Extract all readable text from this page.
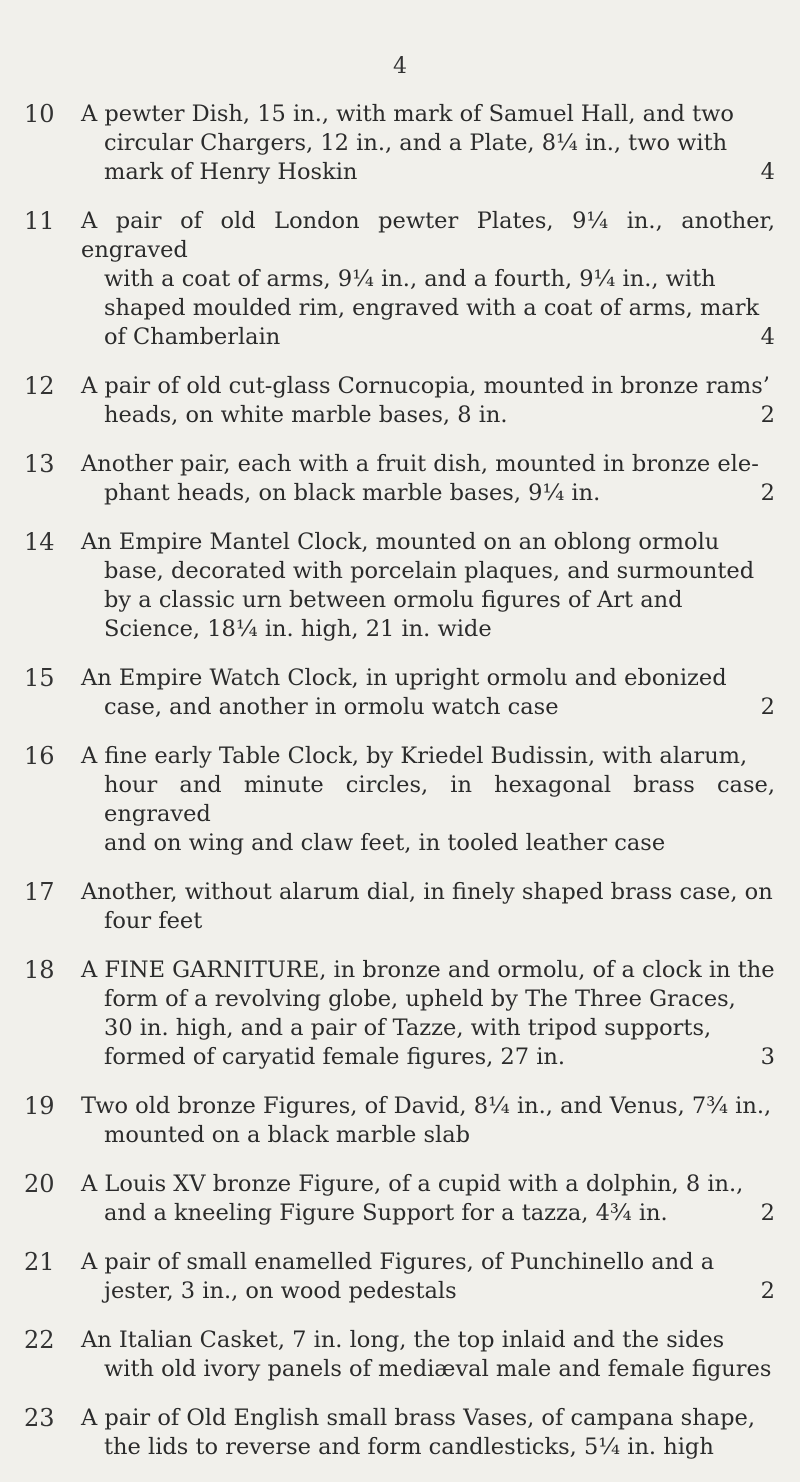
4
10 A pewter Dish, 15 in., with mark of Samuel Hall, and two
circular Chargers, 12 in., and a Plate, 8¼ in., two with
mark of Henry Hoskin	4
11 A pair of old London pewter Plates, 9¼ in., another, engraved
with a coat of arms, 9¼ in., and a fourth, 9¼ in., with
shaped moulded rim, engraved with a coat of arms, mark
of Chamberlain	4
12 A pair of old cut-glass Cornucopia, mounted in bronze rams’
heads, on white marble bases, 8 in.	2
13 Another pair, each with a fruit dish, mounted in bronze ele-
phant heads, on black marble bases, 9¼ in.	2
14 An Empire Mantel Clock, mounted on an oblong ormolu
base, decorated with porcelain plaques, and surmounted
by a classic urn between ormolu figures of Art and
Science, 18¼ in. high, 21 in. wide
15 An Empire Watch Clock, in upright ormolu and ebonized
case, and another in ormolu watch case	2
16 A fine early Table Clock, by Kriedel Budissin, with alarum,
hour and minute circles, in hexagonal brass case, engraved
and on wing and claw feet, in tooled leather case
17 Another, without alarum dial, in finely shaped brass case, on
four feet
18 A FINE GARNITURE, in bronze and ormolu, of a clock in the
form of a revolving globe, upheld by The Three Graces,
30 in. high, and a pair of Tazze, with tripod supports,
formed of caryatid female figures, 27 in.	3
19 Two old bronze Figures, of David, 8¼ in., and Venus, 7¾ in.,
mounted on a black marble slab
20 A Louis XV bronze Figure, of a cupid with a dolphin, 8 in.,
and a kneeling Figure Support for a tazza, 4¾ in.	2
21 A pair of small enamelled Figures, of Punchinello and a
jester, 3 in., on wood pedestals	2
22 An Italian Casket, 7 in. long, the top inlaid and the sides
with old ivory panels of mediæval male and female figures
23 A pair of Old English small brass Vases, of campana shape,
the lids to reverse and form candlesticks, 5¼ in. high
